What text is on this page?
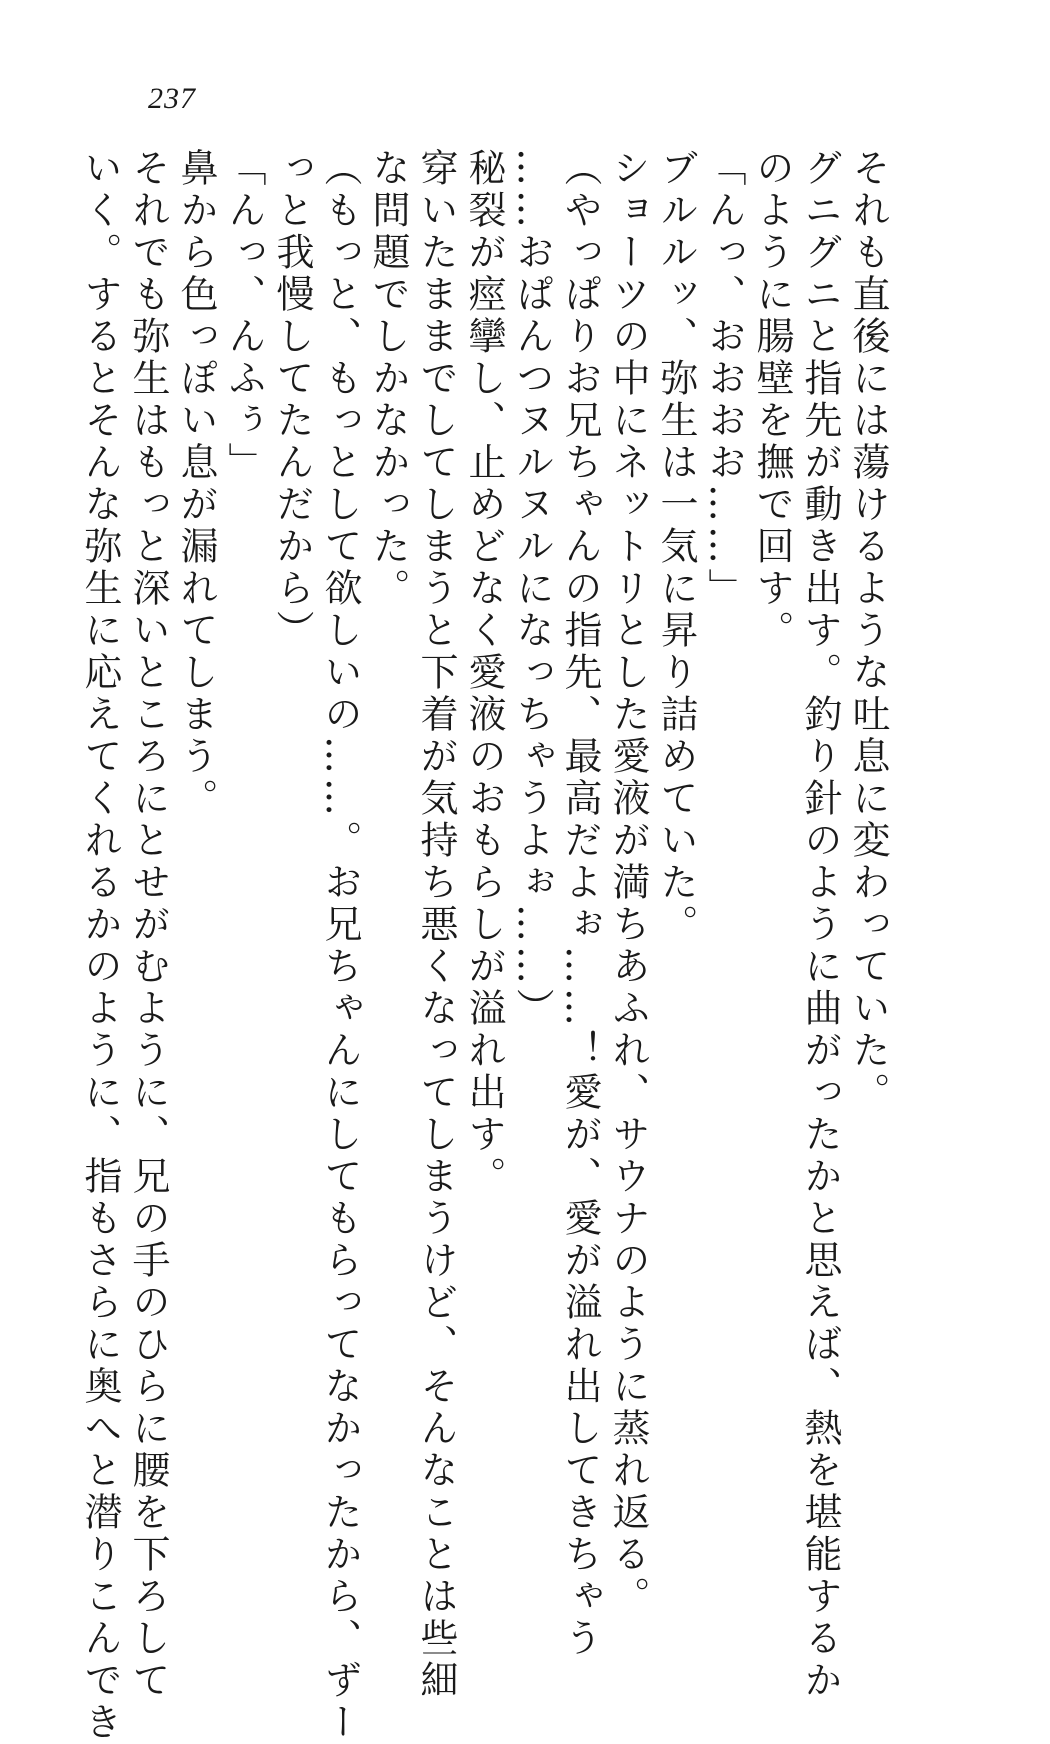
237
それも直後には蕩けるような吐息に変わっていた。
グニグニと指先が動き出す。釣り針のように曲がったかと思えば、熱を堪能するか
のように腸壁を撫で回す。
「んっ、おおおお……」
ブルルッ、弥生は一気に昇り詰めていた。
ショーツの中にネットリとした愛液が満ちあふれ、サウナのように蒸れ返る。
（やっぱりお兄ちゃんの指先、最高だよぉ……！愛が、愛が溢れ出してきちゃう
……おぱんつヌルヌルになっちゃうよぉ……）
秘裂が痙攣し、止めどなく愛液のおもらしが溢れ出す。
穿いたままでしてしまうと下着が気持ち悪くなってしまうけど、そんなことは些細
な問題でしかなかった。
（もっと、もっとして欲しいの……。お兄ちゃんにしてもらってなかったから、ずー
っと我慢してたんだから）
「んっ、んふぅ」
鼻から色っぽい息が漏れてしまう。
それでも弥生はもっと深いところにとせがむように、兄の手のひらに腰を下ろして
いく。するとそんな弥生に応えてくれるかのように、指もさらに奥へと潜りこんでき
